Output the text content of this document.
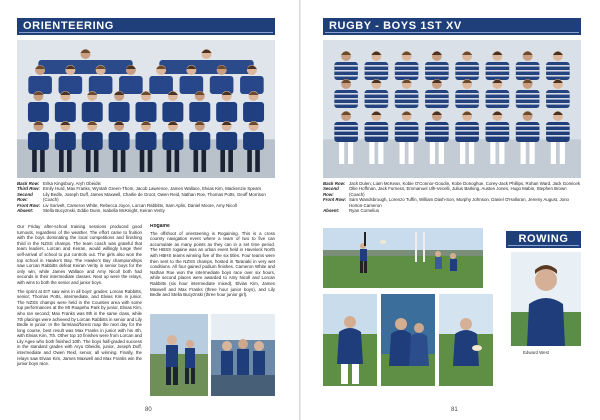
ORIENTEERING
Back Row: Erika Kingsbury, Aryh Obeidis
Third Row: Emily Hurd, Max Franks, Wyntah Green-Thom, Jacob Lawrence, James Wallace, Elvias Kim, Mackenzie Spears
Second Row:
Lily Bedle, Joseph Duff, James Maxwell, Charlie de Groot, Owen Reid, Nathan Roe, Thomas Potts, Geoff Morrison (Coach)
Front Row: Liv Sorivelt, Cameron White, Rebecca Joyce, Lorcan Rabbitts, Sam Aplin, Daniel Moore, Amy Nicoll
Absent:	Stella Bucyznski, Eddie Dunn, Isabella McKnight, Keiran Verity

Our Friday after-school training sessions produced good turnouts, regardless of the weather. The effort came to fruition with the boys dominating the local competitions and finishing third in the NZSS champs. The team coach was grateful that team leaders, Lorcan and Keiran, would willingly lunge their self-arrival of school to put controls out. The girls also won the top school in Hawke's Bay. The Hawke's Bay championships saw Lorcan Rabbitts defeat Keiran Verity in senior boys for the only win, while James Wallace and Amy Nicoll both had seconds in their intermediate classes. Next up were the relays, with wins to both the senior and junior boys.

The sprint at EIT saw wins in all boys' grades: Lorcan Rabbitts, senior; Thomas Potts, intermediate, and Elvias Kim in junior. The NZSS champs were held in the Counties area with some top performances at the Mt Ruapehu Park by junior, Elvias Kim, who ran second; Max Franks was 9th in the same class, while 7th placings were achieved by Lorcan Rabbitts in senior and Lily Bedle in junior. In the farmland/forest map the next day for the long course, best result was Max Franks in junior with his 4th, with Elvias Kim, 7th. Other top 10 finishes were from Lorcan and Lily Agee who both finished 10th. The boys half-graded success in the standard grades with Aryu Obeidis, junior, Joseph Duff, intermediate and Owen Reid, senior, all winning. Finally, the relays saw Elvias Kim, James Maxwell and Max Franks win the junior boys race.

Rogaine

The offshoot of orienteering is Rogaining. This is a cross country navigation event where a team of two to five can accumulate as many points as they can in a set time period. The HBSS rogaine was an urban event held in Havelock North with HBHS teams winning five of the six titles. Four teams were then sent to the NZSS champs, hosted in Taranaki in very wet conditions. All four gained podium finishes. Cameron White and Nathan Roe won the intermediate boys race over six hours, while second places were awarded to Amy Nicoll and Lorcan Rabbitts (six hour intermediate mixed), Elvias Kim, James Maxwell and Max Franks (three hour junior boys), and Lily Bedle and Stella Bucyznski (three hour junior girl).

80
RUGBY - BOYS 1ST XV
Back Row: Jack Dulen, Liam McKean, Kobie O'Connor-Goodin, Kobe Donoghue, Corey-Jack Phillips, Rohan Ward, Jack Gomicek
Second Row:
Ollie Hoffman, Jack Furness, Emmanuel Ulh-Vecelli, Julius Barking, Austen Jones, Hugo Mabin, Stephen Brown (Coach)
Front Row: Sam Wandsbrough, Lorenzo Tuffin, William Dash-Son, Murphy Johnson, Daniel O'Halloran, Jeremy August, Jono Horton-Cameron
Absent:	Ryan Cornelius
ROWING
Edward West
81
